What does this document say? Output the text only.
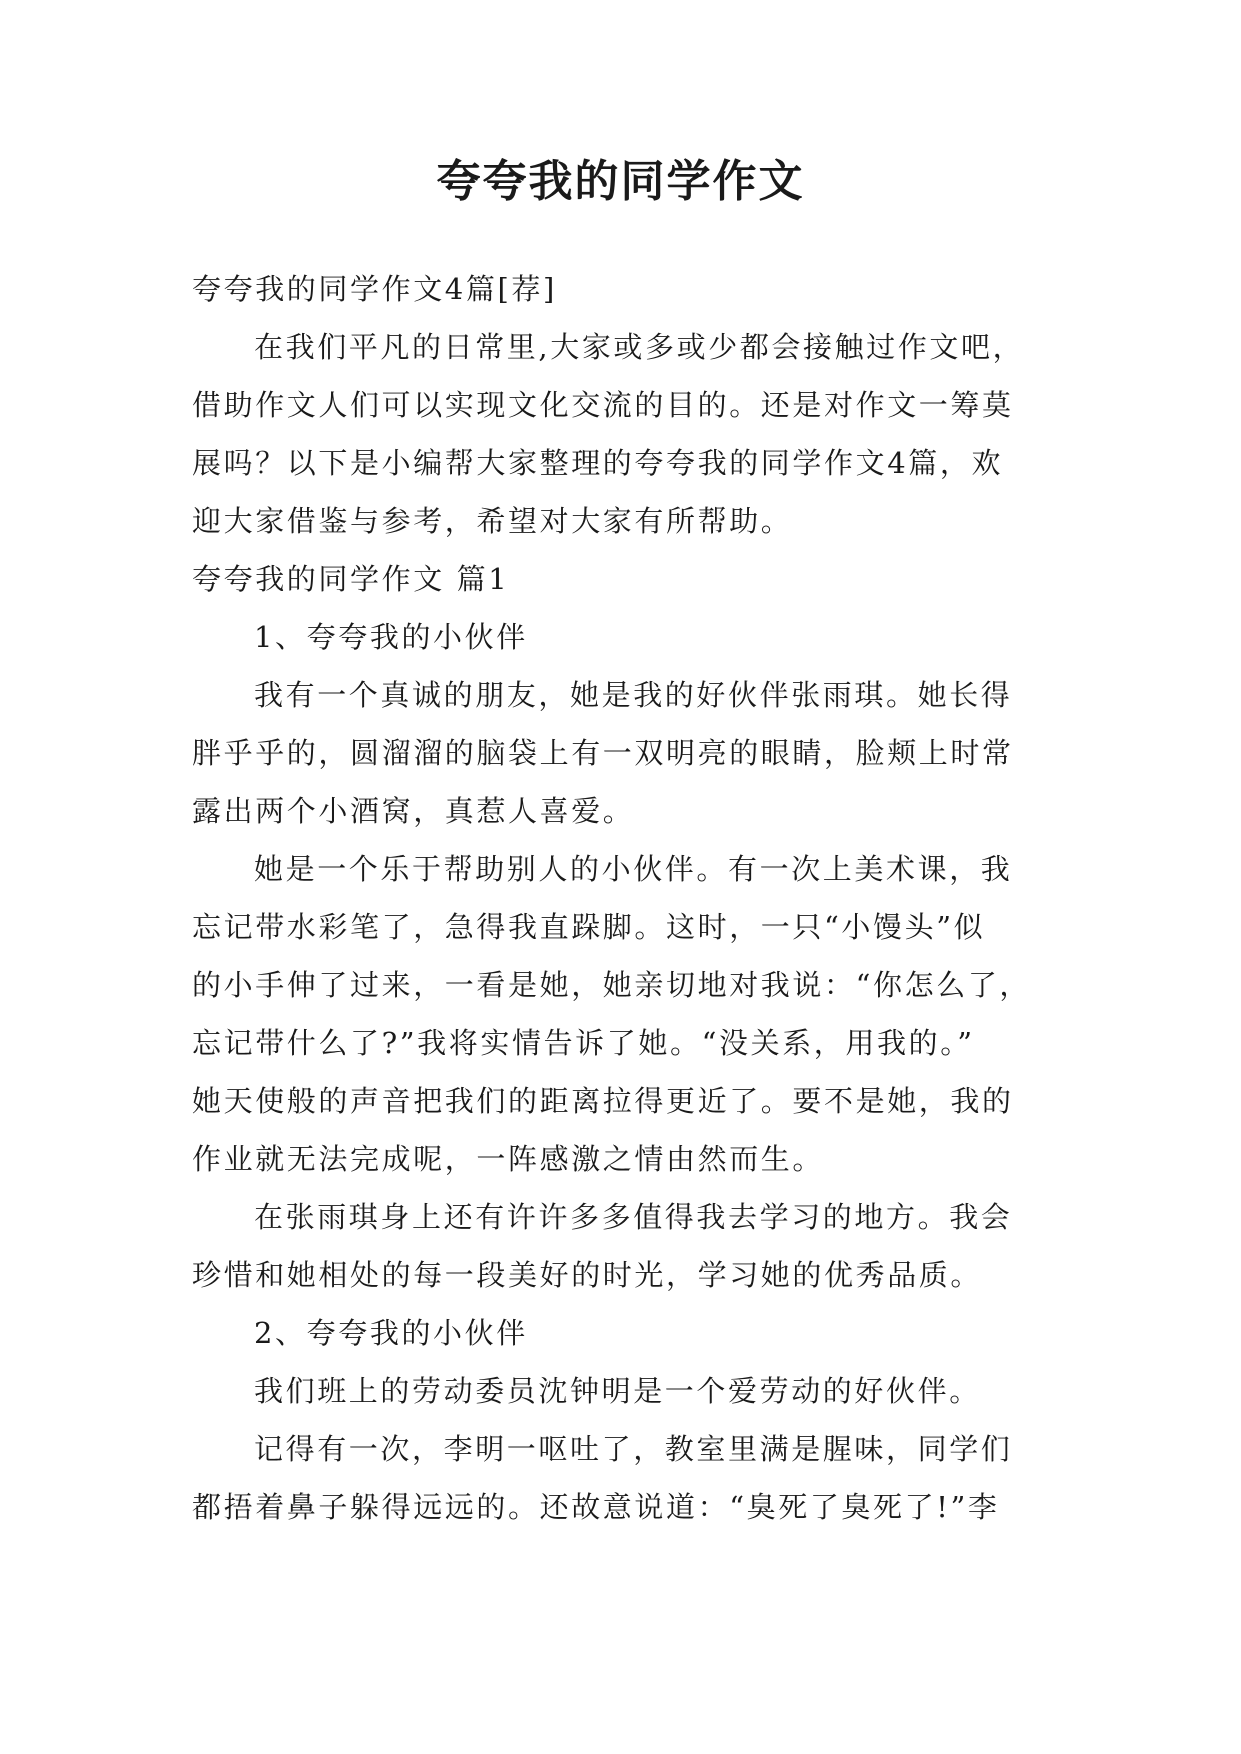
夸夸我的同学作文
夸夸我的同学作文4篇[荐]
在我们平凡的日常里,大家或多或少都会接触过作文吧，
借助作文人们可以实现文化交流的目的。还是对作文一筹莫
展吗？以下是小编帮大家整理的夸夸我的同学作文4篇，欢
迎大家借鉴与参考，希望对大家有所帮助。
夸夸我的同学作文 篇1
1、夸夸我的小伙伴
我有一个真诚的朋友，她是我的好伙伴张雨琪。她长得
胖乎乎的，圆溜溜的脑袋上有一双明亮的眼睛，脸颊上时常
露出两个小酒窝，真惹人喜爱。
她是一个乐于帮助别人的小伙伴。有一次上美术课，我
忘记带水彩笔了，急得我直跺脚。这时，一只“小馒头”似
的小手伸了过来，一看是她，她亲切地对我说：“你怎么了，
忘记带什么了?”我将实情告诉了她。“没关系，用我的。”
她天使般的声音把我们的距离拉得更近了。要不是她，我的
作业就无法完成呢，一阵感激之情由然而生。
在张雨琪身上还有许许多多值得我去学习的地方。我会
珍惜和她相处的每一段美好的时光，学习她的优秀品质。
2、夸夸我的小伙伴
我们班上的劳动委员沈钟明是一个爱劳动的好伙伴。
记得有一次，李明一呕吐了，教室里满是腥味，同学们
都捂着鼻子躲得远远的。还故意说道：“臭死了臭死了!”李
